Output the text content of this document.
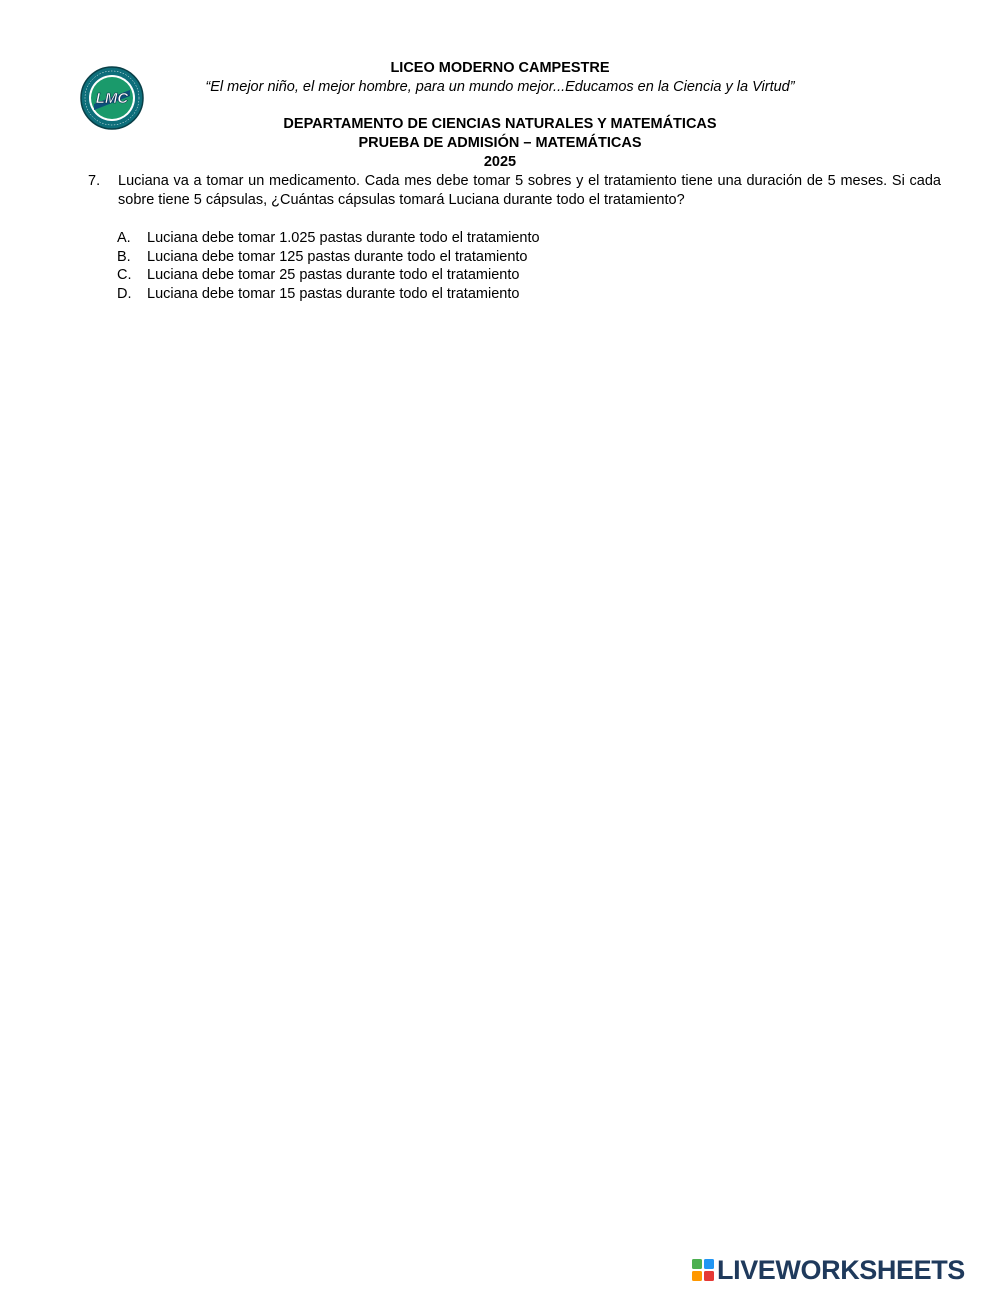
LMC
LICEO MODERNO CAMPESTRE
“El mejor niño, el mejor hombre, para un mundo mejor...Educamos en la Ciencia y la Virtud”
DEPARTAMENTO DE CIENCIAS NATURALES Y MATEMÁTICAS
PRUEBA DE ADMISIÓN – MATEMÁTICAS
2025
7. Luciana va a tomar un medicamento. Cada mes debe tomar 5 sobres y el tratamiento tiene una duración de 5 meses. Si cada sobre tiene 5 cápsulas, ¿Cuántas cápsulas tomará Luciana durante todo el tratamiento?
A. Luciana debe tomar 1.025 pastas durante todo el tratamiento
B. Luciana debe tomar 125 pastas durante todo el tratamiento
C. Luciana debe tomar 25 pastas durante todo el tratamiento
D. Luciana debe tomar 15 pastas durante todo el tratamiento
LIVEWORKSHEETS
